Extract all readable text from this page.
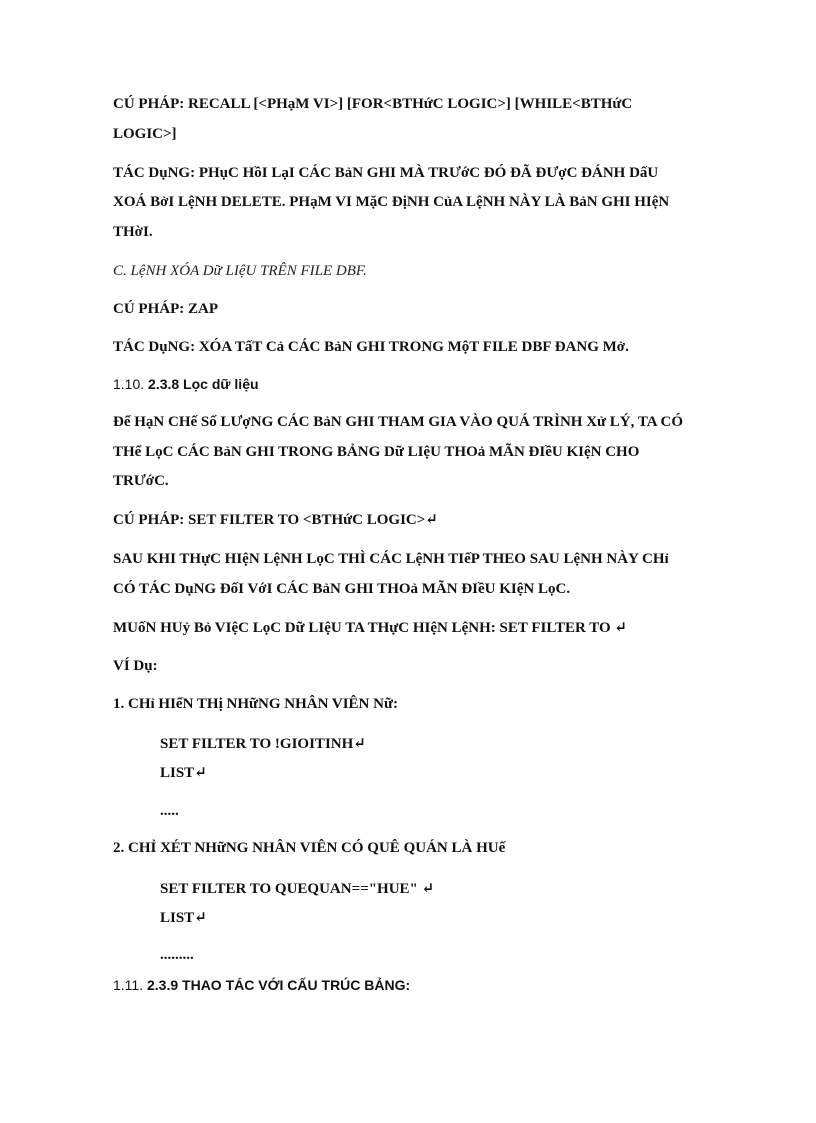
CÚ PHÁP: RECALL [<PHạM VI>] [FOR<BTHứC LOGIC>] [WHILE<BTHứC
LOGIC>]
TÁC DụNG: PHụC HồI LạI CÁC BảN GHI MÀ TRƯớC ĐÓ ĐÃ ĐƯợC ĐÁNH DấU
XOÁ BởI LệNH DELETE. PHạM VI MặC ĐịNH CủA LệNH NÀY LÀ BảN GHI HIệN
THờI.
C. LệNH XÓA Dữ LIệU TRÊN FILE DBF.
CÚ PHÁP: ZAP
TÁC DụNG: XÓA TấT Cả CÁC BảN GHI TRONG MộT FILE DBF ĐANG Mở.
1.10. 2.3.8 Lọc dữ liệu
Để HạN CHế Số LƯợNG CÁC BảN GHI THAM GIA VÀO QUÁ TRÌNH Xử LÝ, TA CÓ
THể LọC CÁC BảN GHI TRONG BẢNG Dữ LIệU THOả MÃN ĐIềU KIệN CHO
TRƯớC.
CÚ PHÁP: SET FILTER TO <BTHứC LOGIC>↵
SAU KHI THựC HIệN LệNH LọC THÌ CÁC LệNH TIếP THEO SAU LệNH NÀY CHỉ
CÓ TÁC DụNG ĐốI VớI CÁC BảN GHI THOả MÃN ĐIềU KIệN LọC.
MUốN HUỷ Bỏ VIệC LọC Dữ LIệU TA THựC HIệN LệNH: SET FILTER TO ↵
VÍ Dụ:
1. CHỉ HIểN THị NHữNG NHÂN VIÊN Nữ:
SET FILTER TO !GIOITINH↵
LIST↵
.....
2. CHỈ XÉT NHữNG NHÂN VIÊN CÓ QUÊ QUÁN LÀ HUế
SET FILTER TO QUEQUAN=="HUE" ↵
LIST↵
.........
1.11. 2.3.9 THAO TÁC VỚI CẤU TRÚC BẢNG:
